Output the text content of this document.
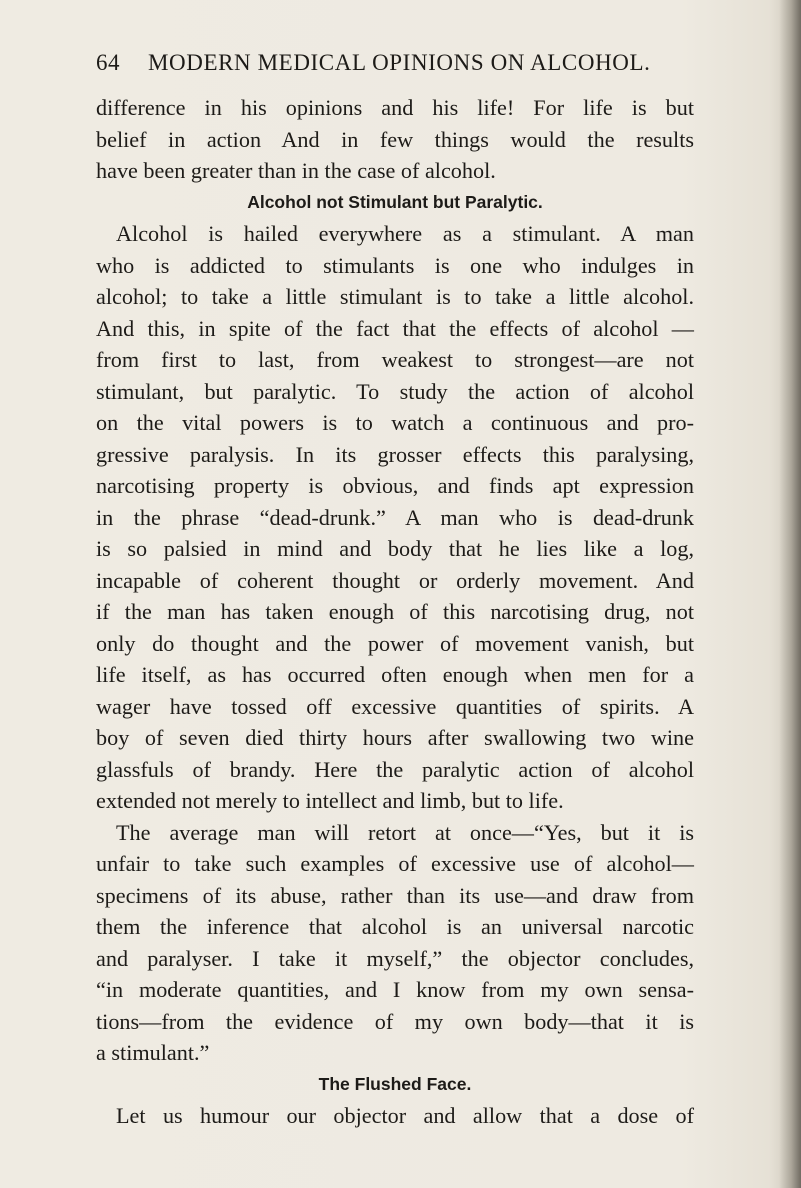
64	MODERN MEDICAL OPINIONS ON ALCOHOL.
difference in his opinions and his life! For life is but
belief in action And in few things would the results
have been greater than in the case of alcohol.
Alcohol not Stimulant but Paralytic.
Alcohol is hailed everywhere as a stimulant. A man
who is addicted to stimulants is one who indulges in
alcohol; to take a little stimulant is to take a little alcohol.
And this, in spite of the fact that the effects of alcohol —
from first to last, from weakest to strongest—are not
stimulant, but paralytic. To study the action of alcohol
on the vital powers is to watch a continuous and pro-
gressive paralysis. In its grosser effects this paralysing,
narcotising property is obvious, and finds apt expression
in the phrase “dead-drunk.” A man who is dead-drunk
is so palsied in mind and body that he lies like a log,
incapable of coherent thought or orderly movement. And
if the man has taken enough of this narcotising drug, not
only do thought and the power of movement vanish, but
life itself, as has occurred often enough when men for a
wager have tossed off excessive quantities of spirits. A
boy of seven died thirty hours after swallowing two wine
glassfuls of brandy. Here the paralytic action of alcohol
extended not merely to intellect and limb, but to life.
The average man will retort at once—“Yes, but it is
unfair to take such examples of excessive use of alcohol—
specimens of its abuse, rather than its use—and draw from
them the inference that alcohol is an universal narcotic
and paralyser. I take it myself,” the objector concludes,
“in moderate quantities, and I know from my own sensa-
tions—from the evidence of my own body—that it is
a stimulant.”
The Flushed Face.
Let us humour our objector and allow that a dose of
